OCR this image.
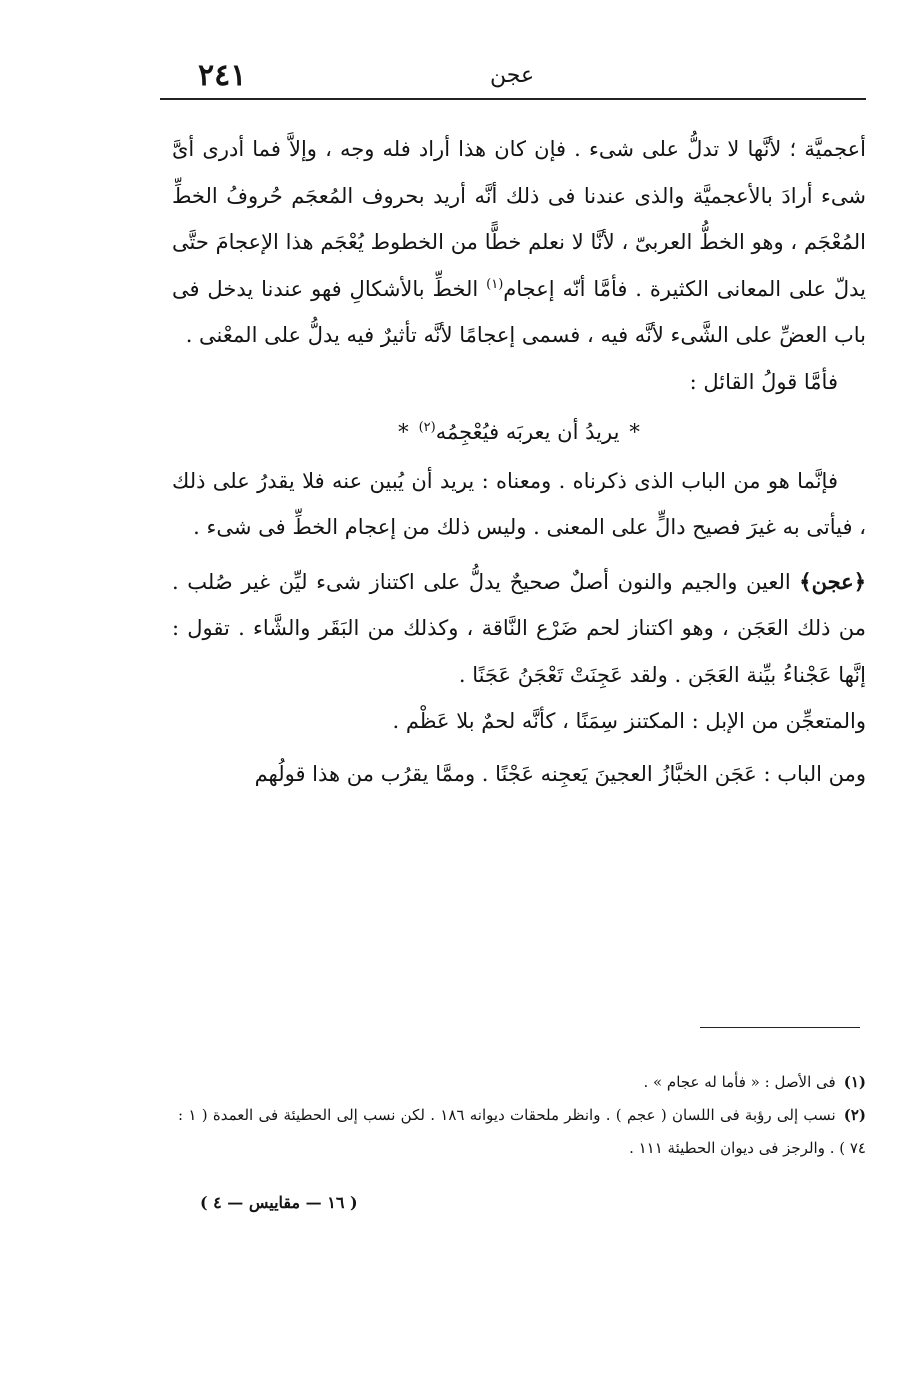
٢٤١	عجن

أعجميَّة ؛ لأنَّها لا تدلُّ على شىء . فإن كان هذا أراد فله وجه ، وإلاَّ فما أدرى أىَّ شىء أرادَ بالأعجميَّة والذى عندنا فى ذلك أنَّه أريد بحروف المُعجَم حُروفُ الخطِّ المُعْجَم ، وهو الخطُّ العربىّ ، لأنَّا لا نعلم خطًّا من الخطوط يُعْجَم هذا الإعجامَ حتَّى يدلّ على المعانى الكثيرة . فأمَّا أنّه إعجام$^{(١)}$ الخطِّ بالأشكالِ فهو عندنا يدخل فى باب العضِّ على الشَّىء لأنَّه فيه ، فسمى إعجامًا لأنَّه تأثيرٌ فيه يدلُّ على المعْنى .

فأمَّا قولُ القائل :

*يريدُ أن يعربَه فيُعْجِمُه$^{(٢)}$*

فإنَّما هو من الباب الذى ذكرناه . ومعناه : يريد أن يُبين عنه فلا يقدرُ على ذلك ، فيأتى به غيرَ فصيح دالٍّ على المعنى . وليس ذلك من إعجام الخطِّ فى شىء .

﴿عجن﴾ العين والجيم والنون أصلٌ صحيحٌ يدلُّ على اكتناز شىء ليِّن غير صُلب . من ذلك العَجَن ، وهو اكتناز لحم ضَرْع النَّاقة ، وكذلك من البَقَر والشَّاء . تقول : إنَّها عَجْناءُ بيِّنة العَجَن . ولقد عَجِنَتْ تَعْجَنُ عَجَنًا .

والمتعجِّن من الإبل : المكتنز سِمَنًا ، كأنَّه لحمٌ بلا عَظْم .

ومن الباب : عَجَن الخبَّازُ العجينَ يَعجِنه عَجْنًا . وممَّا يقرُب من هذا قولُهم

(١)فى الأصل : « فأما له عجام » .

(٢)نسب إلى رؤبة فى اللسان ( عجم ) . وانظر ملحقات ديوانه ١٨٦ . لكن نسب إلى الحطيئة فى العمدة ( ١ : ٧٤ ) . والرجز فى ديوان الحطيئة ١١١ .

( ١٦ — مقاييس — ٤ )
